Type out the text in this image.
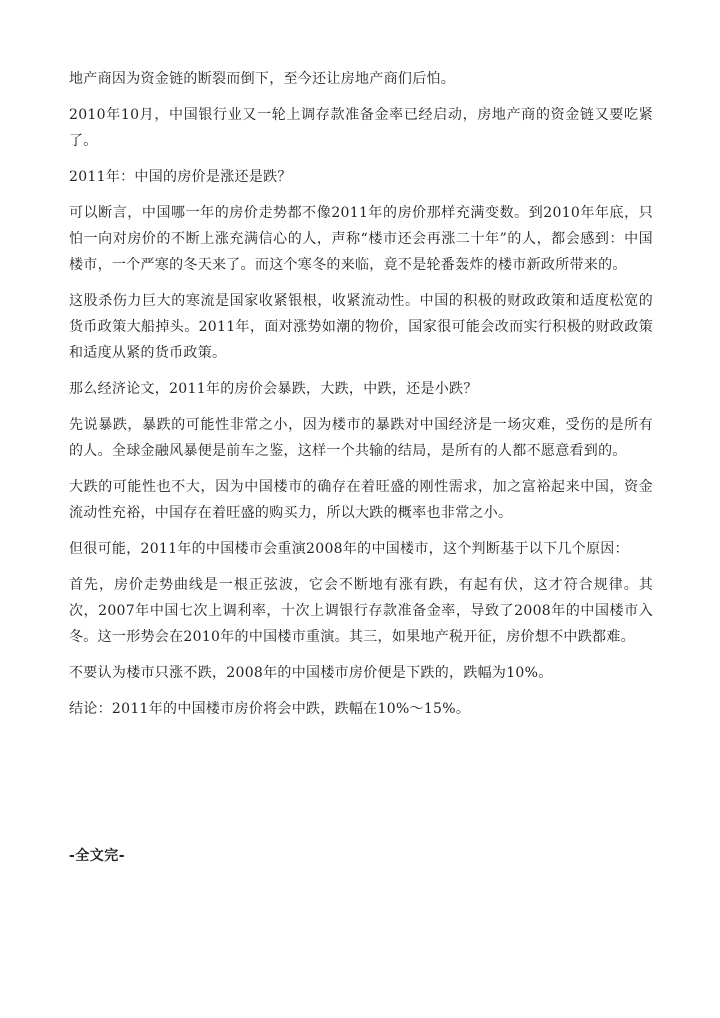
地产商因为资金链的断裂而倒下，至今还让房地产商们后怕。

2010年10月，中国银行业又一轮上调存款准备金率已经启动，房地产商的资金链又要吃紧了。

2011年：中国的房价是涨还是跌？

可以断言，中国哪一年的房价走势都不像2011年的房价那样充满变数。到2010年年底，只怕一向对房价的不断上涨充满信心的人，声称“楼市还会再涨二十年”的人，都会感到：中国楼市，一个严寒的冬天来了。而这个寒冬的来临，竟不是轮番轰炸的楼市新政所带来的。

这股杀伤力巨大的寒流是国家收紧银根，收紧流动性。中国的积极的财政政策和适度松宽的货币政策大船掉头。2011年，面对涨势如潮的物价，国家很可能会改而实行积极的财政政策和适度从紧的货币政策。

那么经济论文，2011年的房价会暴跌，大跌，中跌，还是小跌？

先说暴跌，暴跌的可能性非常之小，因为楼市的暴跌对中国经济是一场灾难，受伤的是所有的人。全球金融风暴便是前车之鉴，这样一个共输的结局，是所有的人都不愿意看到的。

大跌的可能性也不大，因为中国楼市的确存在着旺盛的刚性需求，加之富裕起来中国，资金流动性充裕，中国存在着旺盛的购买力，所以大跌的概率也非常之小。

但很可能，2011年的中国楼市会重演2008年的中国楼市，这个判断基于以下几个原因：

首先，房价走势曲线是一根正弦波，它会不断地有涨有跌，有起有伏，这才符合规律。其次，2007年中国七次上调利率，十次上调银行存款准备金率，导致了2008年的中国楼市入冬。这一形势会在2010年的中国楼市重演。其三，如果地产税开征，房价想不中跌都难。

不要认为楼市只涨不跌，2008年的中国楼市房价便是下跌的，跌幅为10%。

结论：2011年的中国楼市房价将会中跌，跌幅在10%～15%。

-全文完-
